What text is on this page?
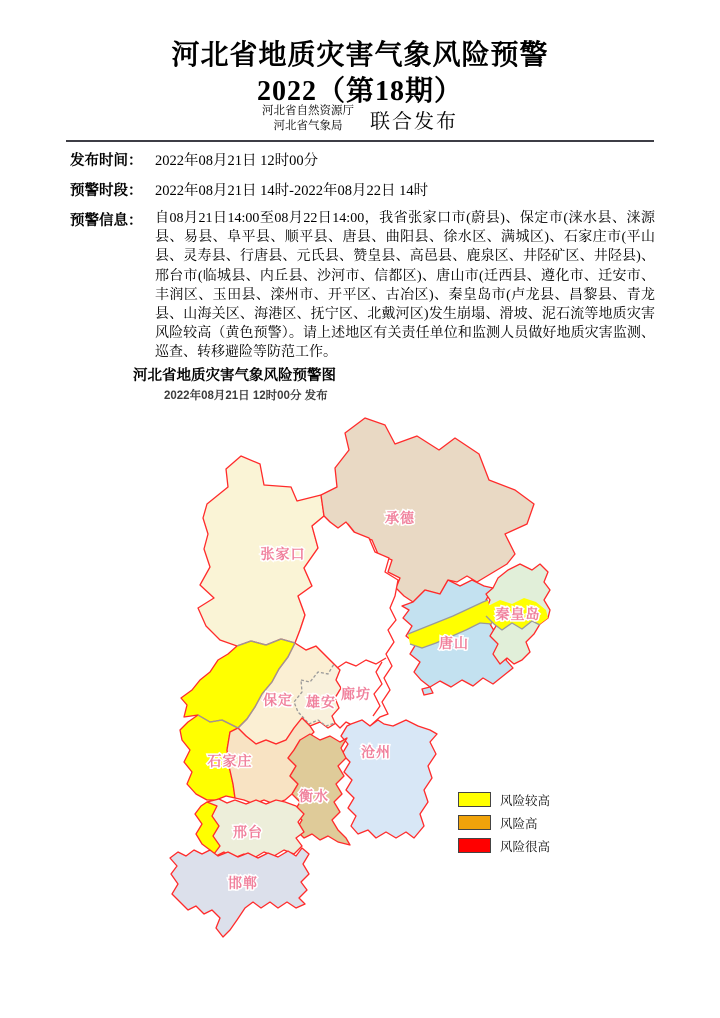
河北省地质灾害气象风险预警
2022（第18期）
河北省自然资源厅
河北省气象局	联合发布
发布时间： 2022年08月21日 12时00分
预警时段： 2022年08月21日 14时-2022年08月22日 14时
预警信息： 自08月21日14:00至08月22日14:00，我省张家口市(蔚县)、保定市(涞水县、涞源县、易县、阜平县、顺平县、唐县、曲阳县、徐水区、满城区)、石家庄市(平山县、灵寿县、行唐县、元氏县、赞皇县、高邑县、鹿泉区、井陉矿区、井陉县)、邢台市(临城县、内丘县、沙河市、信都区)、唐山市(迁西县、遵化市、迁安市、丰润区、玉田县、滦州市、开平区、古冶区)、秦皇岛市(卢龙县、昌黎县、青龙县、山海关区、海港区、抚宁区、北戴河区)发生崩塌、滑坡、泥石流等地质灾害风险较高（黄色预警）。请上述地区有关责任单位和监测人员做好地质灾害监测、巡查、转移避险等防范工作。

河北省地质灾害气象风险预警图
2022年08月21日 12时00分 发布
张家口
承德
保定 雄安 廊坊
沧州
唐山
石家庄
衡水
邢台
邯郸
秦皇岛
风险较高
风险高
风险很高
